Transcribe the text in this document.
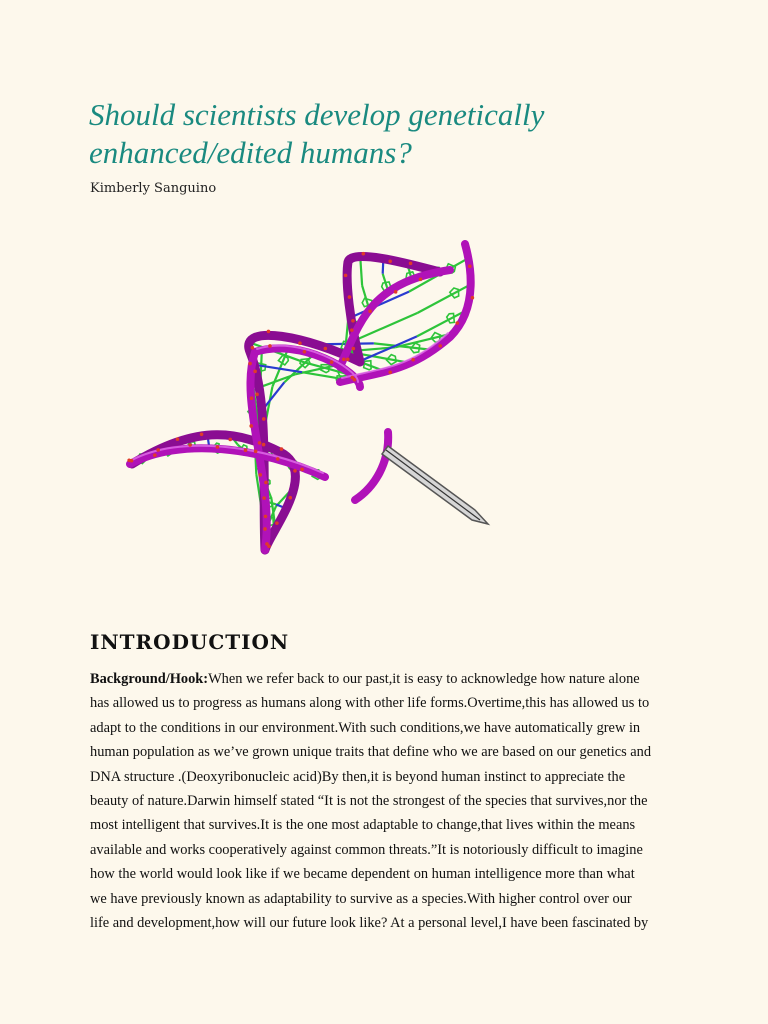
Should scientists develop genetically
enhanced/edited humans?
Kimberly Sanguino
INTRODUCTION
Background/Hook:When we refer back to our past,it is easy to acknowledge how nature alone
has allowed us to progress as humans along with other life forms.Overtime,this has allowed us to
adapt to the conditions in our environment.With such conditions,we have automatically grew in
human population as we’ve grown unique traits that define who we are based on our genetics and
DNA structure .(Deoxyribonucleic acid)By then,it is beyond human instinct to appreciate the
beauty of nature.Darwin himself stated “It is not the strongest of the species that survives,nor the
most intelligent that survives.It is the one most adaptable to change,that lives within the means
available and works cooperatively against common threats.”It is notoriously difficult to imagine
how the world would look like if we became dependent on human intelligence more than what
we have previously known as adaptability to survive as a species.With higher control over our
life and development,how will our future look like? At a personal level,I have been fascinated by
